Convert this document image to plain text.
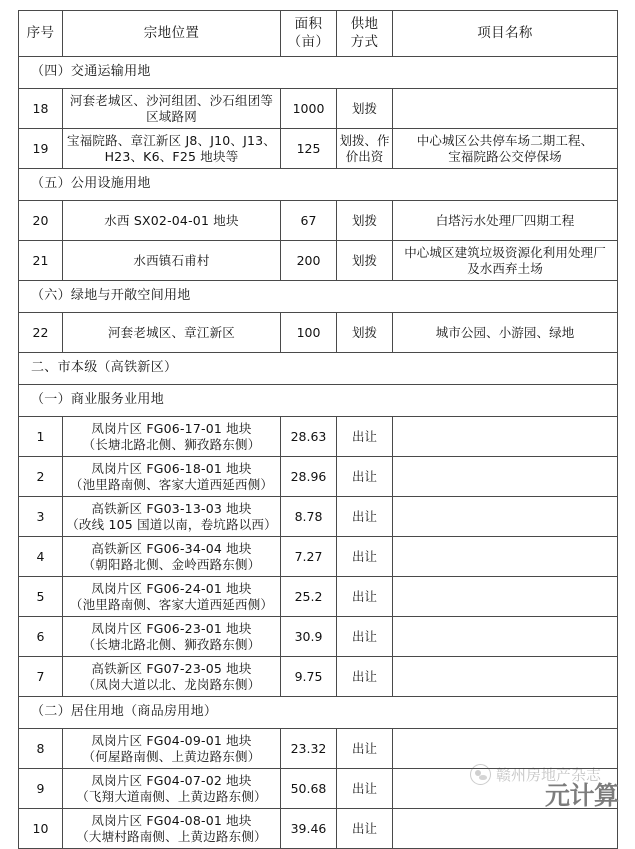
序号	宗地位置	面积
（亩）	供地
方式	项目名称

（四）交通运输用地				
18	河套老城区、沙河组团、沙石组团等
区域路网	1000	划拨	

19	宝福院路、章江新区 J8、J10、J13、
H23、K6、F25 地块等	125	划拨、作
价出资	中心城区公共停车场二期工程、
宝福院路公交停保场

（五）公用设施用地				
20	水西 SX02-04-01 地块	67	划拨	白塔污水处理厂四期工程

21	水西镇石甫村	200	划拨	中心城区建筑垃圾资源化利用处理厂
及水西弃土场

（六）绿地与开敞空间用地				
22	河套老城区、章江新区	100	划拨	城市公园、小游园、绿地

二、市本级（高铁新区）				
（一）商业服务业用地				
1	凤岗片区 FG06-17-01 地块
（长塘北路北侧、狮孜路东侧）	28.63	出让	

2	凤岗片区 FG06-18-01 地块
（池里路南侧、客家大道西延西侧）	28.96	出让	

3	高铁新区 FG03-13-03 地块
（改线 105 国道以南，卷坑路以西）	8.78	出让	

4	高铁新区 FG06-34-04 地块
（朝阳路北侧、金岭西路东侧）	7.27	出让	

5	凤岗片区 FG06-24-01 地块
（池里路南侧、客家大道西延西侧）	25.2	出让	

6	凤岗片区 FG06-23-01 地块
（长塘北路北侧、狮孜路东侧）	30.9	出让	

7	高铁新区 FG07-23-05 地块
（凤岗大道以北、龙岗路东侧）	9.75	出让	

（二）居住用地（商品房用地）				
8	凤岗片区 FG04-09-01 地块
（何屋路南侧、上黄边路东侧）	23.32	出让	

9	凤岗片区 FG04-07-02 地块
（飞翔大道南侧、上黄边路东侧）	50.68	出让	

10	凤岗片区 FG04-08-01 地块
（大塘村路南侧、上黄边路东侧）	39.46	出让	

赣州房地产杂志
元计算
